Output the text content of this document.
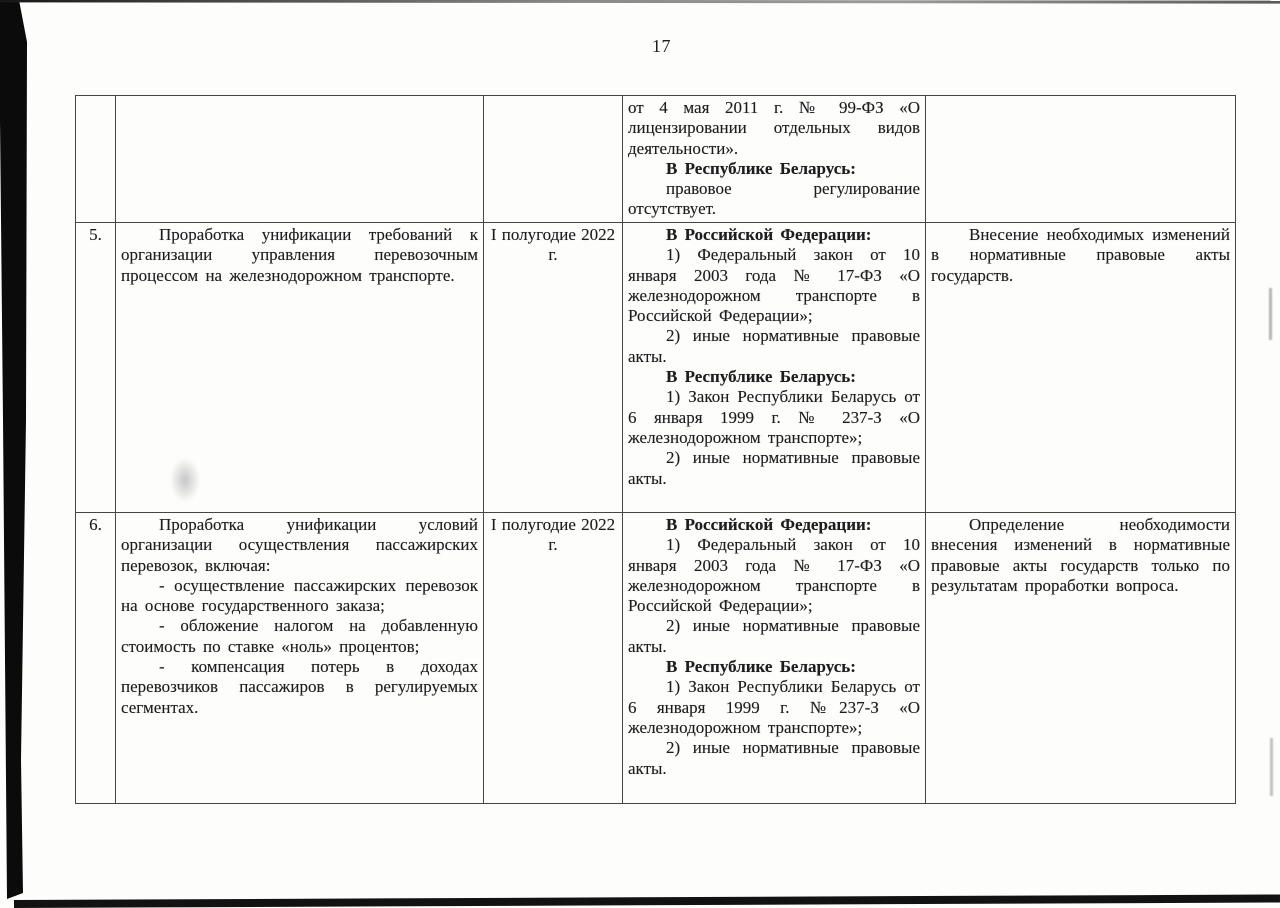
17

от 4 мая 2011 г. № 99-ФЗ «О лицензировании отдельных видов деятельности».

В Республике Беларусь:

правовое регулирование отсутствует.

5.	Проработка унификации требований к организации управления перевозочным процессом на железнодорожном транспорте.

I полугодие 2022 г.

В Российской Федерации:

1) Федеральный закон от 10 января 2003 года № 17-ФЗ «О железнодорожном транспорте в Российской Федерации»;

2) иные нормативные правовые акты.

В Республике Беларусь:

1) Закон Республики Беларусь от 6 января 1999 г. № 237-З «О железнодорожном транспорте»;

2) иные нормативные правовые акты.

Внесение необходимых изменений в нормативные правовые акты государств.

6.	Проработка унификации условий организации осуществления пассажирских перевозок, включая:

- осуществление пассажирских перевозок на основе государственного заказа;

- обложение налогом на добавленную стоимость по ставке «ноль» процентов;

- компенсация потерь в доходах перевозчиков пассажиров в регулируемых сегментах.

I полугодие 2022 г.

В Российской Федерации:

1) Федеральный закон от 10 января 2003 года № 17-ФЗ «О железнодорожном транспорте в Российской Федерации»;

2) иные нормативные правовые акты.

В Республике Беларусь:

1) Закон Республики Беларусь от 6 января 1999 г. №237-З «О железнодорожном транспорте»;

2) иные нормативные правовые акты.

Определение необходимости внесения изменений в нормативные правовые акты государств только по результатам проработки вопроса.
